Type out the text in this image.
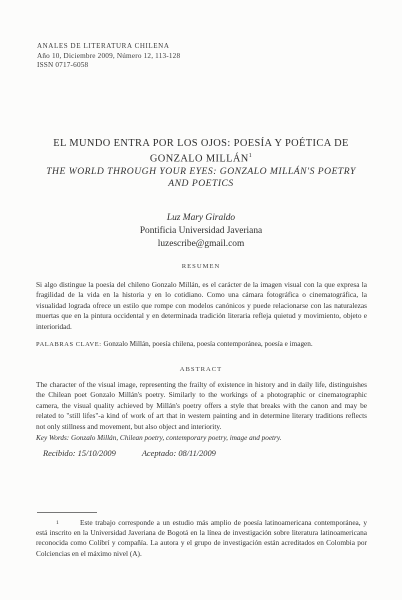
ANALES DE LITERATURA CHILENA
Año 10, Diciembre 2009, Número 12, 113-128
ISSN 0717-6058
EL MUNDO ENTRA POR LOS OJOS: POESÍA Y POÉTICA DE GONZALO MILLÁN$^1$
THE WORLD THROUGH YOUR EYES: GONZALO MILLÁN'S POETRY AND POETICS
Luz Mary Giraldo
Pontificia Universidad Javeriana
luzescribe@gmail.com
RESUMEN
Si algo distingue la poesía del chileno Gonzalo Millán, es el carácter de la imagen visual con la que expresa la fragilidad de la vida en la historia y en lo cotidiano. Como una cámara fotográfica o cinematográfica, la visualidad lograda ofrece un estilo que rompe con modelos canónicos y puede relacionarse con las naturalezas muertas que en la pintura occidental y en determinada tradición literaria refleja quietud y movimiento, objeto e interioridad.
PALABRAS CLAVE: Gonzalo Millán, poesía chilena, poesía contemporánea, poesía e imagen.
ABSTRACT
The character of the visual image, representing the frailty of existence in history and in daily life, distinguishes the Chilean poet Gonzalo Millán's poetry. Similarly to the workings of a photographic or cinematographic camera, the visual quality achieved by Millán's poetry offers a style that breaks with the canon and may be related to "still lifes"-a kind of work of art that in western painting and in determine literary traditions reflects not only stillness and movement, but also object and interiority.
Key Words: Gonzalo Millán, Chilean poetry, contemporary poetry, image and poetry.
Recibido: 15/10/2009	Aceptado: 08/11/2009
1	Este trabajo corresponde a un estudio más amplio de poesía latinoamericana contemporánea, y está inscrito en la Universidad Javeriana de Bogotá en la línea de investigación sobre literatura latinoamericana reconocida como Colibrí y compañía. La autora y el grupo de investigación están acreditados en Colombia por Colciencias en el máximo nivel (A).
